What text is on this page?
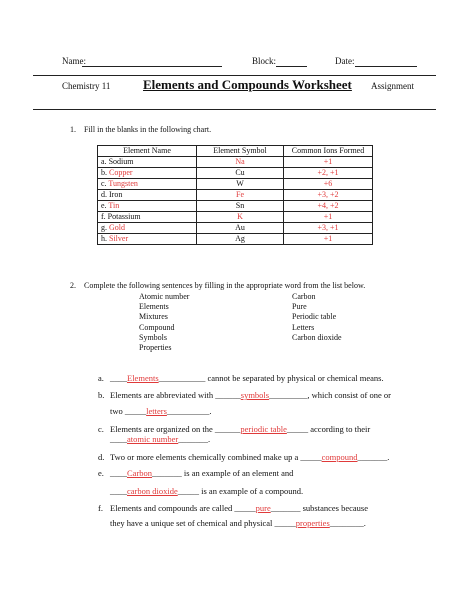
Name:	Block:	Date:
Chemistry 11	Elements and Compounds Worksheet Assignment
1. Fill in the blanks in the following chart.
Element Name	Element Symbol	Common Ions Formed
a. Sodium	Na	+1
b. Copper	Cu	+2, +1
c. Tungsten	W	+6
d. Iron	Fe	+3, +2
e. Tin	Sn	+4, +2
f. Potassium	K	+1
g. Gold	Au	+3, +1
h. Silver	Ag	+1
2. Complete the following sentences by filling in the appropriate word from the list below.
Atomic number
Elements
Mixtures
Compound
Symbols
Properties
Carbon
Pure
Periodic table
Letters
Carbon dioxide
a. ____Elements___________ cannot be separated by physical or chemical means.
b. Elements are abbreviated with ______symbols_________, which consist of one or
two _____letters__________.
c. Elements are organized on the ______periodic table_____ according to their
____atomic number_______.
d. Two or more elements chemically combined make up a _____compound_______.
e. ____Carbon_______ is an example of an element and
____carbon dioxide_____ is an example of a compound.
f. Elements and compounds are called _____pure_______ substances because
they have a unique set of chemical and physical _____properties________.
